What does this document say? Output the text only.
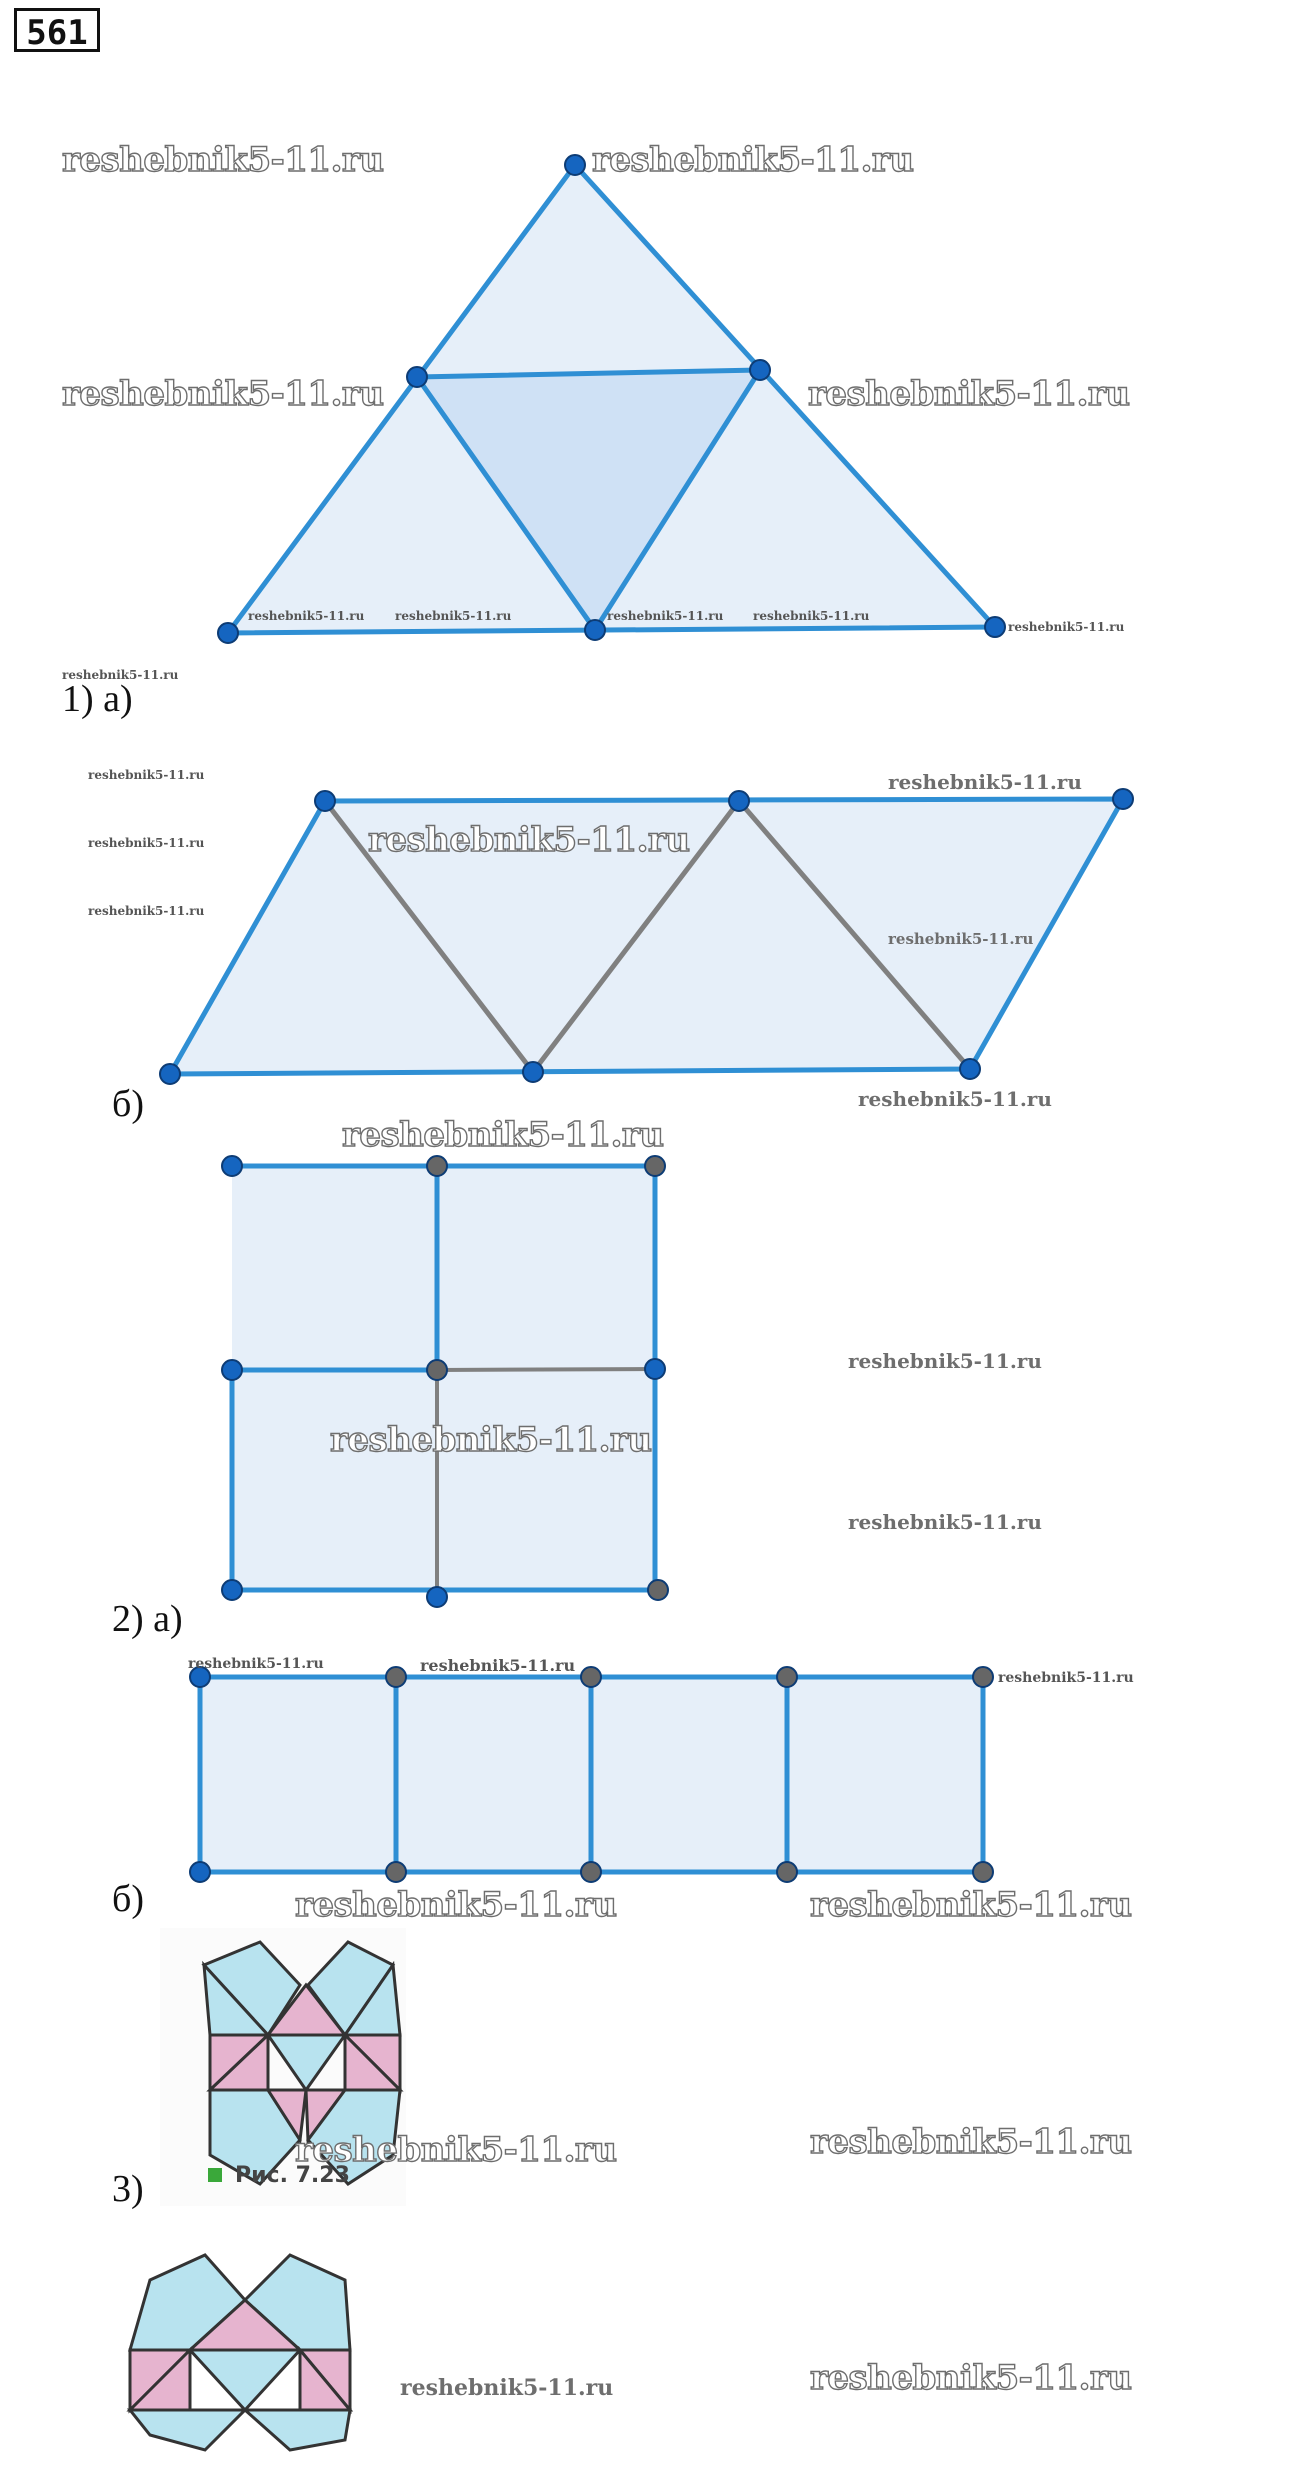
561
1) а)
б)
2) а)
б)
3)	Рис. 7.23
reshebnik5-11.ru	reshebnik5-11.ru
reshebnik5-11.ru	reshebnik5-11.ru
reshebnik5-11.ru	reshebnik5-11.ru	reshebnik5-11.ru reshebnik5-11.ru
reshebnik5-11.ru
reshebnik5-11.ru
reshebnik5-11.ru
reshebnik5-11.ru
reshebnik5-11.ru
reshebnik5-11.ru
reshebnik5-11.ru
reshebnik5-11.ru
reshebnik5-11.ru
reshebnik5-11.ru
reshebnik5-11.ru
reshebnik5-11.ru
reshebnik5-11.ru
reshebnik5-11.ru	reshebnik5-11.ru
reshebnik5-11.ru
reshebnik5-11.ru	reshebnik5-11.ru
reshebnik5-11.ru	reshebnik5-11.ru
reshebnik5-11.ru	reshebnik5-11.ru
